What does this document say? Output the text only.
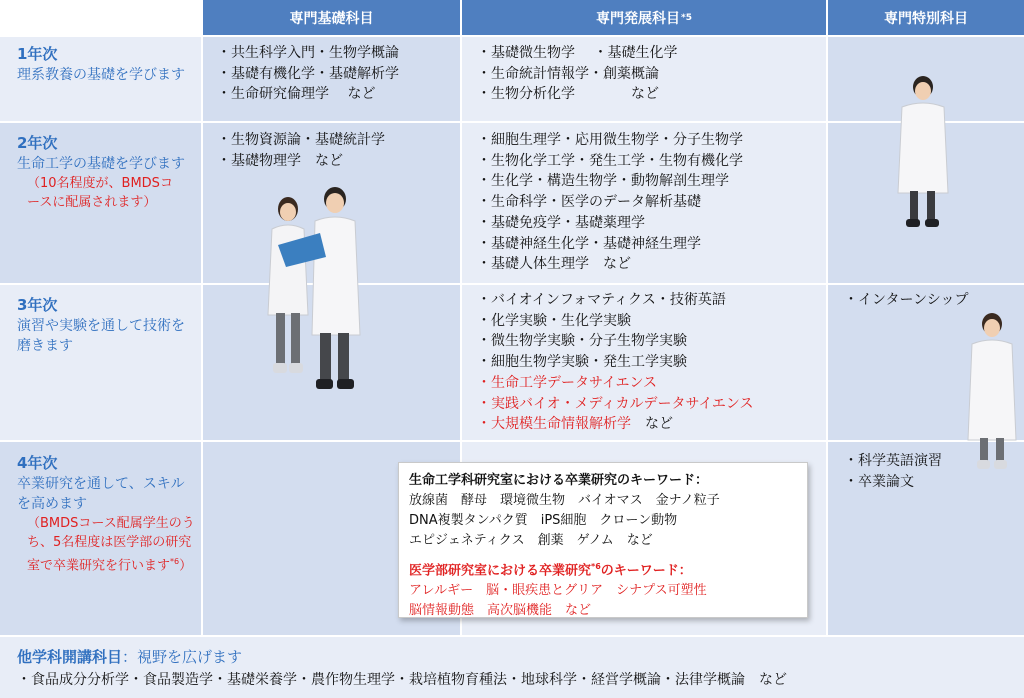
専門基礎科目	専門発展科目 *5	専門特別科目
1年次
理系教養の基礎を学びます
・共生科学入門・生物学概論
・基礎有機化学・基礎解析学
・生命研究倫理学　 など
・基礎微生物学　 ・基礎生化学
・生命統計情報学・創薬概論
・生物分析化学　　　　など
2年次
生命工学の基礎を学びます
（10名程度が、BMDSコースに配属されます）
・生物資源論・基礎統計学
・基礎物理学　など
・細胞生理学・応用微生物学・分子生物学
・生物化学工学・発生工学・生物有機化学
・生化学・構造生物学・動物解剖生理学
・生命科学・医学のデータ解析基礎
・基礎免疫学・基礎薬理学
・基礎神経生化学・基礎神経生理学
・基礎人体生理学　など
3年次
演習や実験を通して技術を磨きます
・バイオインフォマティクス・技術英語
・化学実験・生化学実験
・微生物学実験・分子生物学実験
・細胞生物学実験・発生工学実験
・生命工学データサイエンス
・実践バイオ・メディカルデータサイエンス
・大規模生命情報解析学　 など
・インターンシップ
4年次
卒業研究を通して、スキルを高めます
（BMDSコース配属学生のうち、5名程度は医学部の研究室で卒業研究を行います$^{*6}$）
・科学英語演習
・卒業論文
生命工学科研究室における卒業研究のキーワード：
放線菌　酵母　環境微生物　バイオマス　金ナノ粒子
DNA複製タンパク質　iPS細胞　クローン動物
エピジェネティクス　創薬　ゲノム　など
医学部研究室における卒業研究$^{*6}$のキーワード：
アレルギー　脳・眼疾患とグリア　シナプス可塑性
脳情報動態　高次脳機能　など
他学科開講科目：視野を広げます
・食品成分分析学・食品製造学・基礎栄養学・農作物生理学・栽培植物育種法・地球科学・経営学概論・法律学概論　など
